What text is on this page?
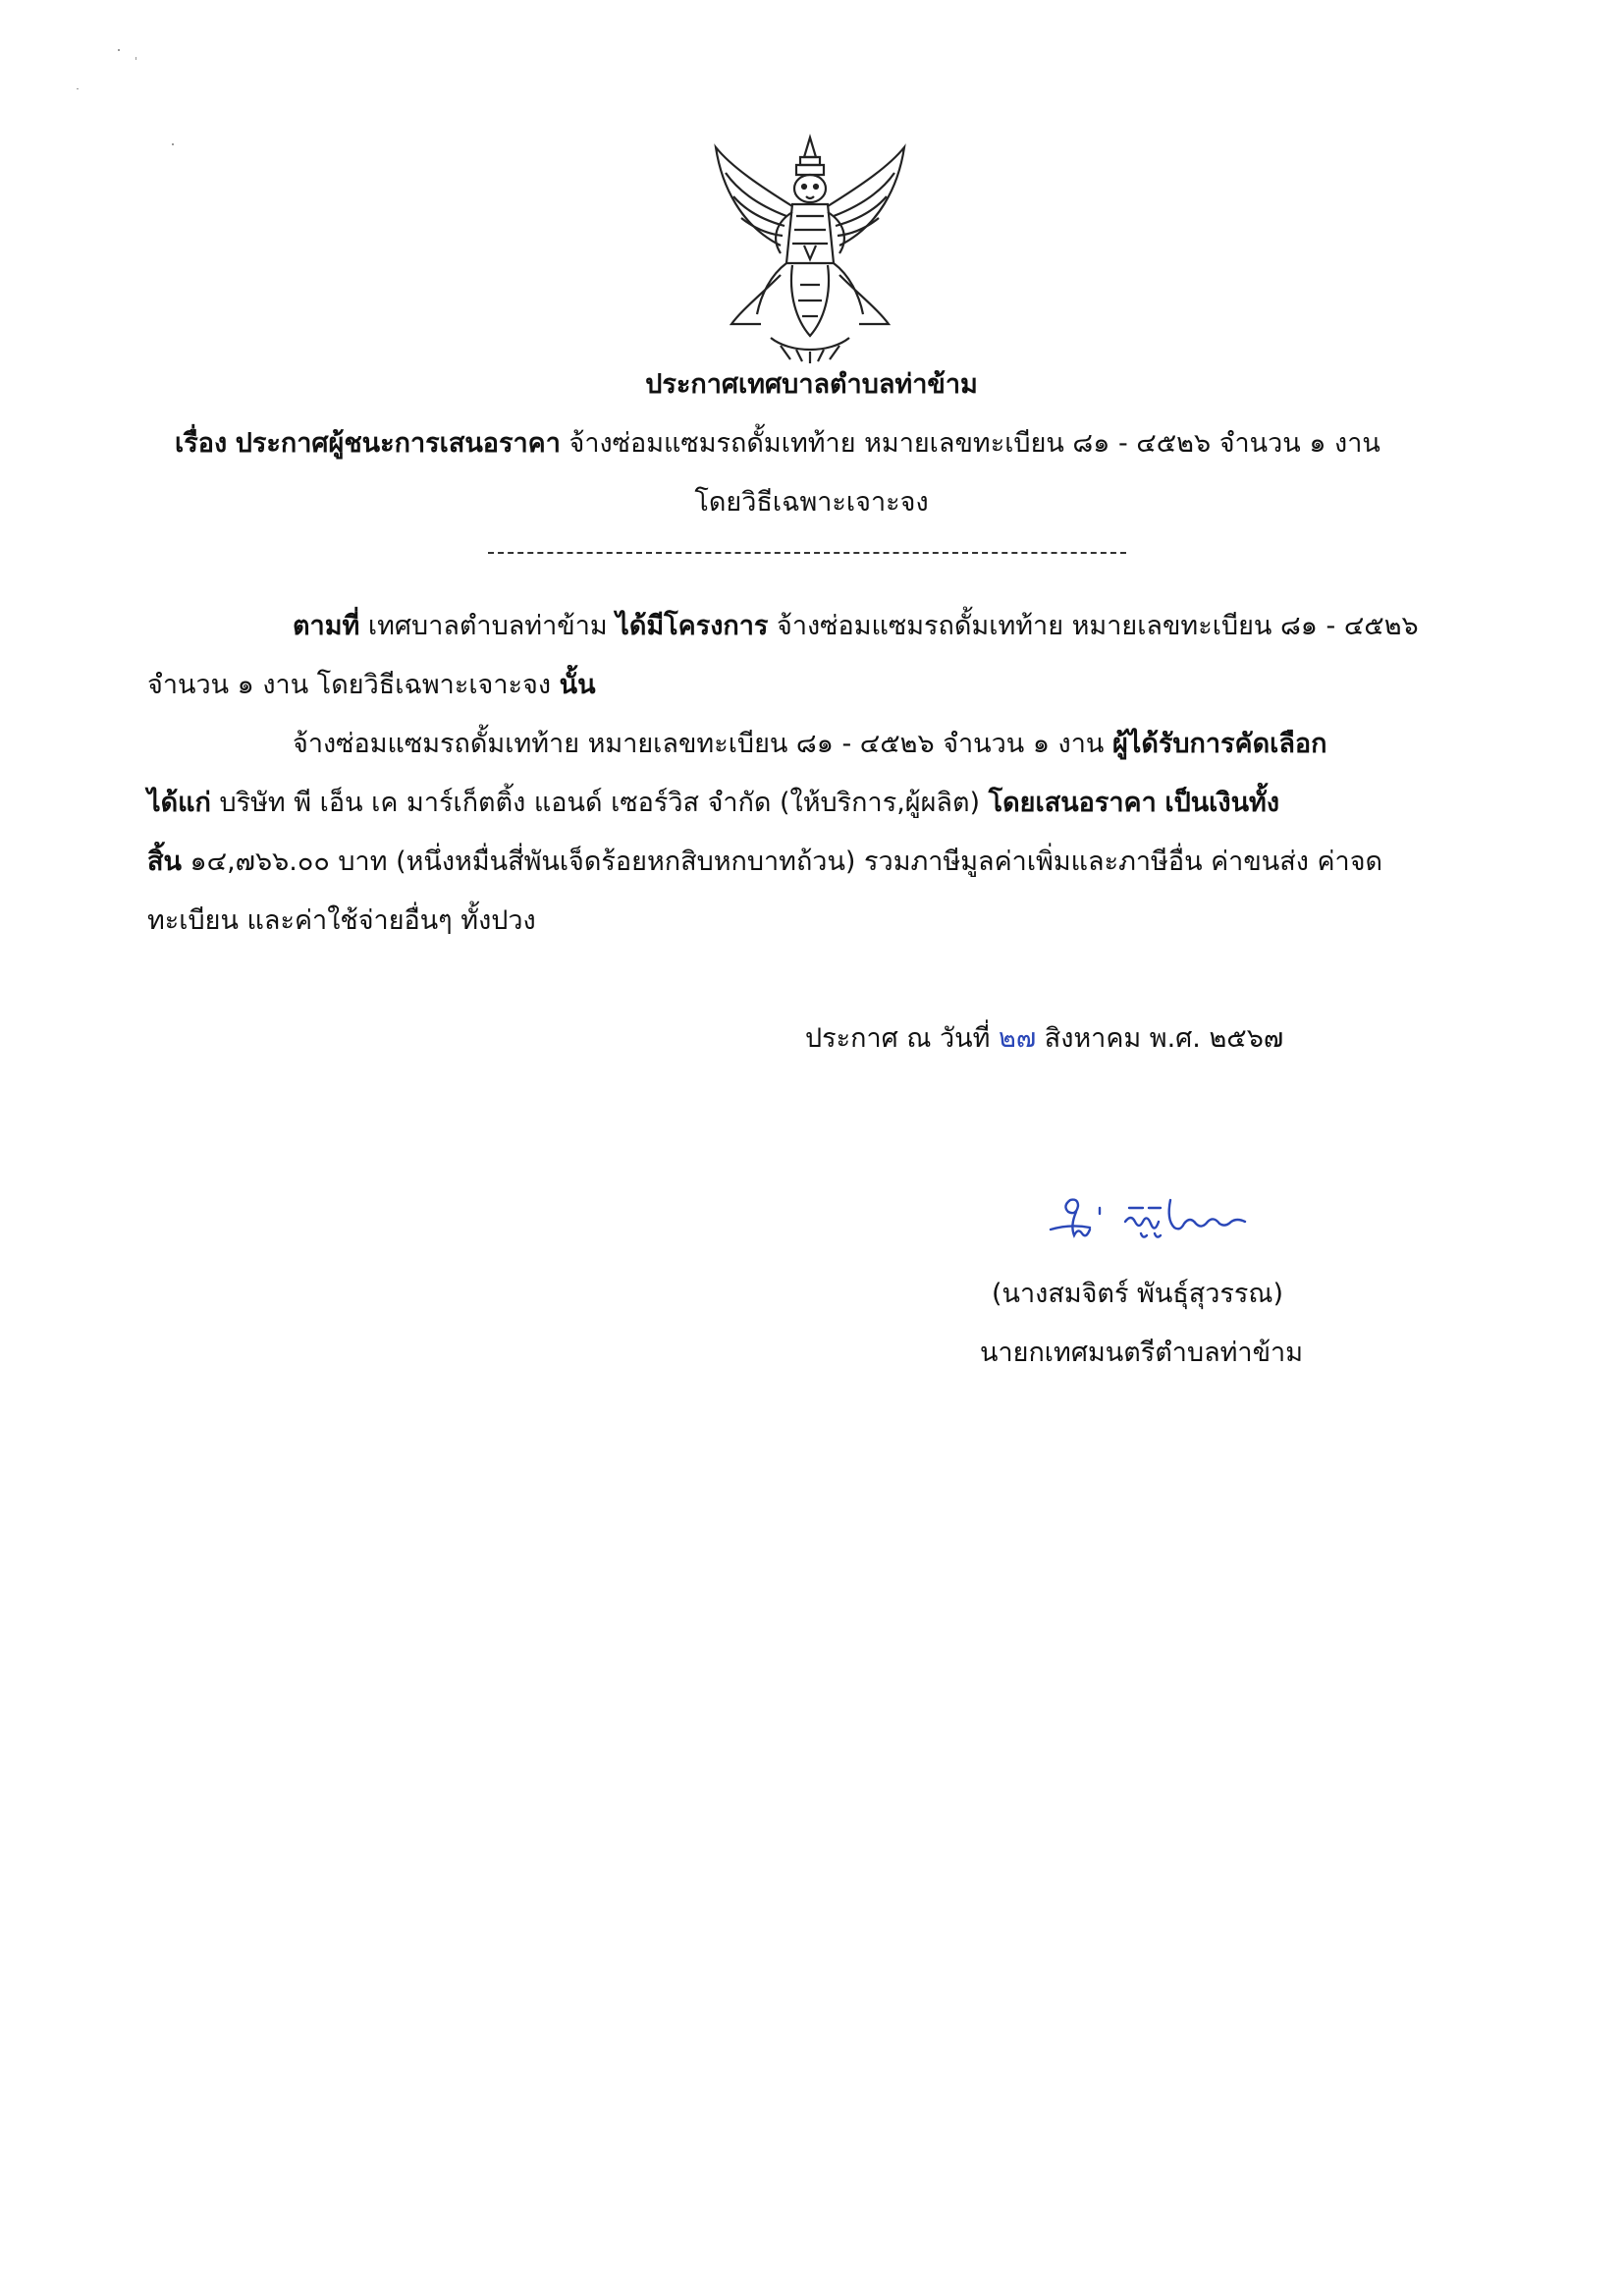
ประกาศเทศบาลตำบลท่าข้าม
เรื่อง ประกาศผู้ชนะการเสนอราคา จ้างซ่อมแซมรถดั้มเทท้าย หมายเลขทะเบียน ๘๑ - ๔๕๒๖ จำนวน ๑ งาน
โดยวิธีเฉพาะเจาะจง
ตามที่ เทศบาลตำบลท่าข้าม ได้มีโครงการ จ้างซ่อมแซมรถดั้มเทท้าย หมายเลขทะเบียน ๘๑ - ๔๕๒๖
จำนวน ๑ งาน โดยวิธีเฉพาะเจาะจง นั้น
จ้างซ่อมแซมรถดั้มเทท้าย หมายเลขทะเบียน ๘๑ - ๔๕๒๖ จำนวน ๑ งาน ผู้ได้รับการคัดเลือก
ได้แก่ บริษัท พี เอ็น เค มาร์เก็ตติ้ง แอนด์ เซอร์วิส จำกัด (ให้บริการ,ผู้ผลิต) โดยเสนอราคา เป็นเงินทั้ง
สิ้น ๑๔,๗๖๖.๐๐ บาท (หนึ่งหมื่นสี่พันเจ็ดร้อยหกสิบหกบาทถ้วน) รวมภาษีมูลค่าเพิ่มและภาษีอื่น ค่าขนส่ง ค่าจด
ทะเบียน และค่าใช้จ่ายอื่นๆ ทั้งปวง
ประกาศ ณ วันที่ ๒๗ สิงหาคม พ.ศ. ๒๕๖๗
(นางสมจิตร์ พันธุ์สุวรรณ)
นายกเทศมนตรีตำบลท่าข้าม
